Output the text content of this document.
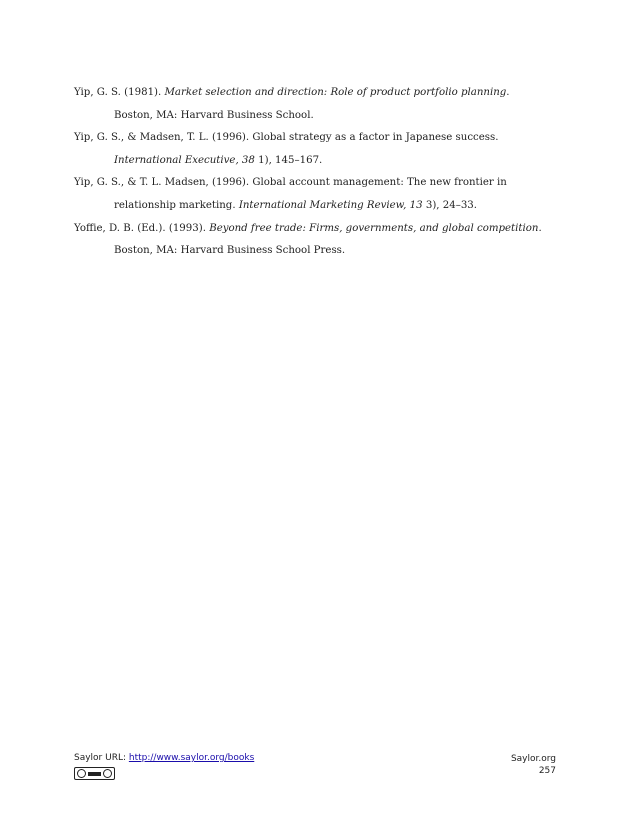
Yip, G. S. (1981). Market selection and direction: Role of product portfolio planning. Boston, MA: Harvard Business School.

Yip, G. S., & Madsen, T. L. (1996). Global strategy as a factor in Japanese success. International Executive, 38 1), 145–167.

Yip, G. S., & T. L. Madsen, (1996). Global account management: The new frontier in relationship marketing. International Marketing Review, 13 3), 24–33.

Yoffie, D. B. (Ed.). (1993). Beyond free trade: Firms, governments, and global competition. Boston, MA: Harvard Business School Press.

Saylor URL: http://www.saylor.org/books	Saylor.org
257
